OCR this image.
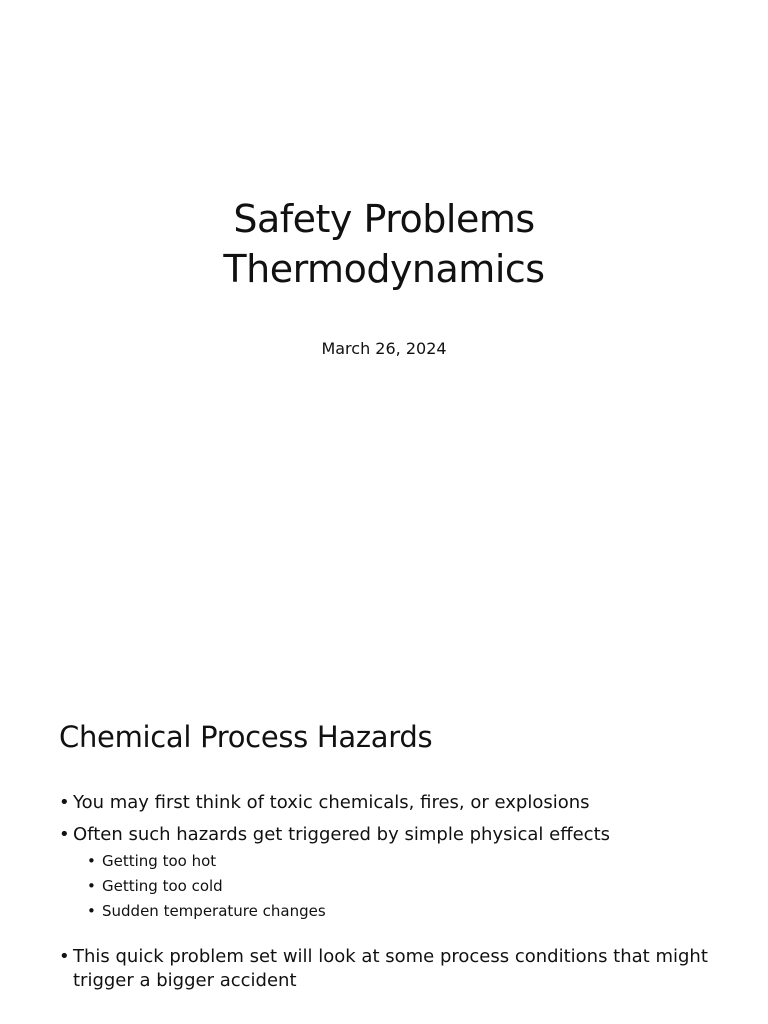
Safety Problems
Thermodynamics
March 26, 2024
Chemical Process Hazards
• You may first think of toxic chemicals, fires, or explosions
• Often such hazards get triggered by simple physical effects
• Getting too hot
• Getting too cold
• Sudden temperature changes
• This quick problem set will look at some process conditions that might trigger a bigger accident
